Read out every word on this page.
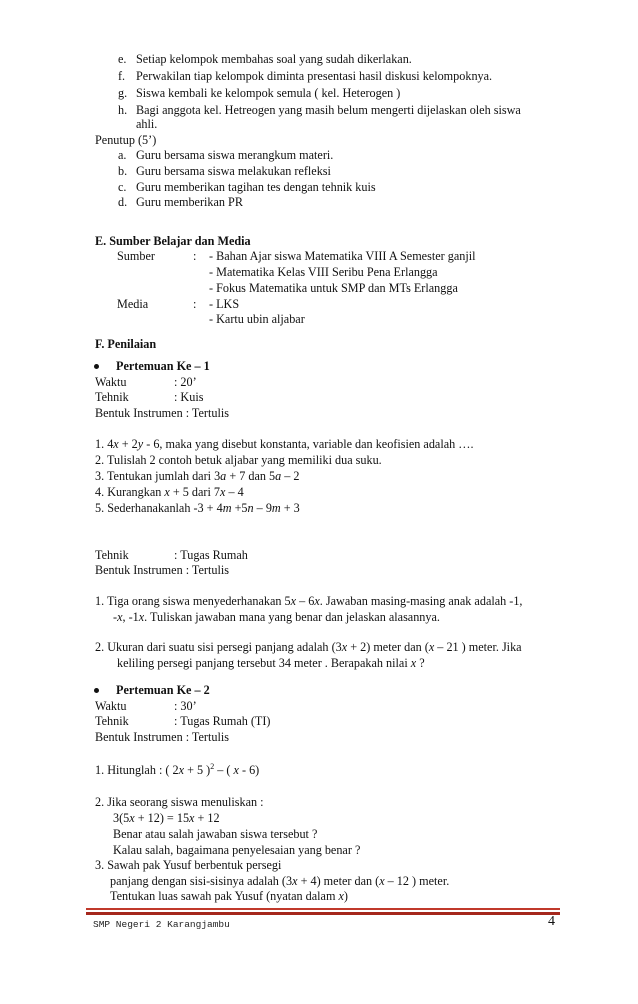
e. Setiap kelompok membahas soal yang sudah dikerlakan.
f. Perwakilan tiap kelompok diminta presentasi hasil diskusi kelompoknya.
g. Siswa kembali ke kelompok semula ( kel. Heterogen )
h. Bagi anggota kel. Hetreogen yang masih belum mengerti dijelaskan oleh siswa
ahli.
Penutup (5’)
a. Guru bersama siswa merangkum materi.
b. Guru bersama siswa melakukan refleksi
c. Guru memberikan tagihan tes dengan tehnik kuis
d. Guru memberikan PR
E. Sumber Belajar dan Media
Sumber	: - Bahan Ajar siswa Matematika VIII A Semester ganjil
- Matematika Kelas VIII Seribu Pena Erlangga
- Fokus Matematika untuk SMP dan MTs Erlangga
Media	: - LKS
- Kartu ubin aljabar
F. Penilaian
Pertemuan Ke – 1
Waktu	: 20’
Tehnik	: Kuis
Bentuk Instrumen : Tertulis
1. 4x + 2y - 6, maka yang disebut konstanta, variable dan keofisien adalah ….
2. Tulislah 2 contoh betuk aljabar yang memiliki dua suku.
3. Tentukan jumlah dari 3a + 7 dan 5a – 2
4. Kurangkan x + 5 dari 7x – 4
5. Sederhanakanlah -3 + 4m +5n – 9m + 3
Tehnik	: Tugas Rumah
Bentuk Instrumen : Tertulis
1. Tiga orang siswa menyederhanakan 5x – 6x. Jawaban masing-masing anak adalah -1,
-x, -1x. Tuliskan jawaban mana yang benar dan jelaskan alasannya.
2. Ukuran dari suatu sisi persegi panjang adalah (3x + 2) meter dan (x – 21 ) meter. Jika
keliling persegi panjang tersebut 34 meter . Berapakah nilai x ?
Pertemuan Ke – 2
Waktu	: 30’
Tehnik	: Tugas Rumah (TI)
Bentuk Instrumen : Tertulis
1. Hitunglah : ( 2x + 5 )$^2$ – ( x - 6)
2. Jika seorang siswa menuliskan :
3(5x + 12) = 15x + 12
Benar atau salah jawaban siswa tersebut ?
Kalau salah, bagaimana penyelesaian yang benar ?
3. Sawah pak Yusuf berbentuk persegi
panjang dengan sisi-sisinya adalah (3x + 4) meter dan (x – 12 ) meter.
Tentukan luas sawah pak Yusuf (nyatan dalam x)
SMP Negeri 2 Karangjambu	4
